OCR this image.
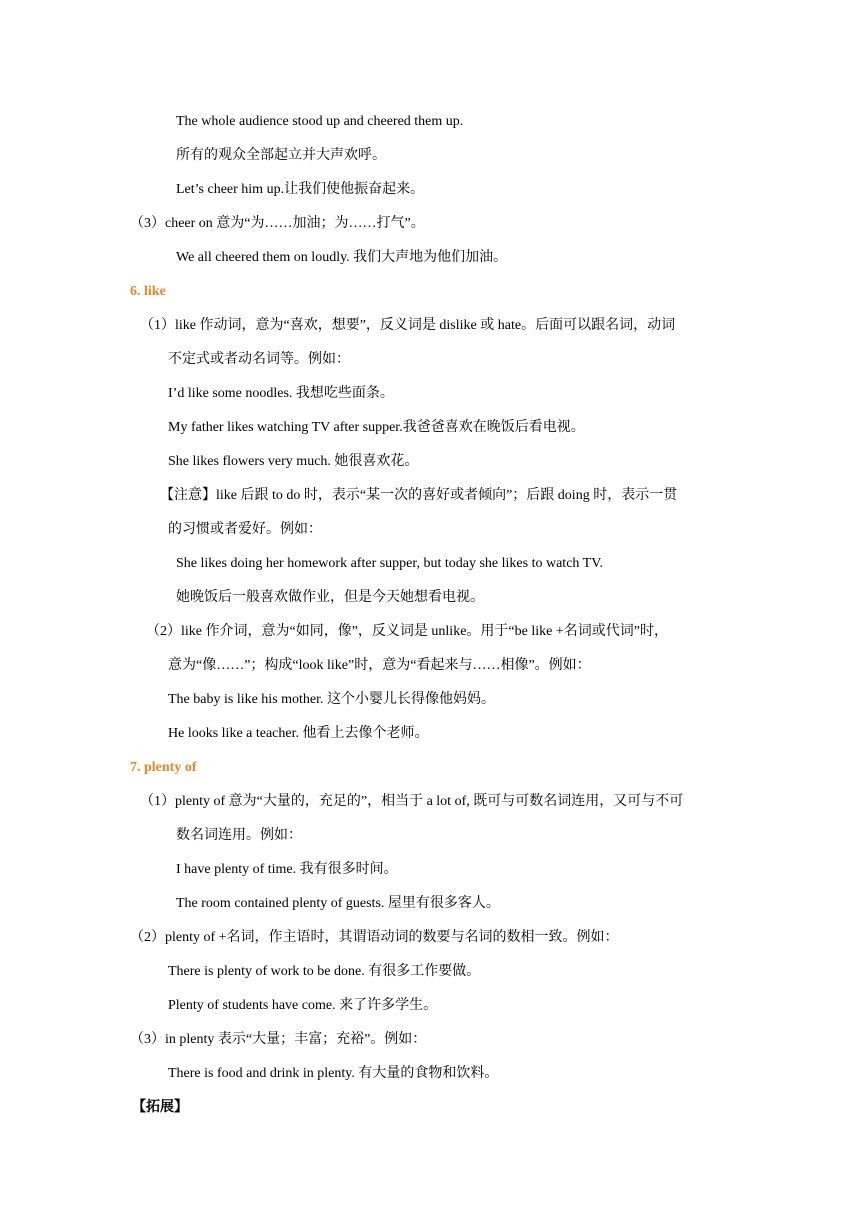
The whole audience stood up and cheered them up.
所有的观众全部起立并大声欢呼。
Let’s cheer him up.让我们使他振奋起来。
（3）cheer on 意为“为……加油；为……打气”。
We all cheered them on loudly. 我们大声地为他们加油。
6. like
（1）like 作动词，意为“喜欢，想要”，反义词是 dislike 或 hate。后面可以跟名词，动词
不定式或者动名词等。例如：
I’d like some noodles. 我想吃些面条。
My father likes watching TV after supper.我爸爸喜欢在晚饭后看电视。
She likes flowers very much. 她很喜欢花。
【注意】like 后跟 to do 时，表示“某一次的喜好或者倾向”；后跟 doing 时，表示一贯
的习惯或者爱好。例如：
She likes doing her homework after supper, but today she likes to watch TV.
她晚饭后一般喜欢做作业，但是今天她想看电视。
（2）like 作介词，意为“如同，像”，反义词是 unlike。用于“be like +名词或代词”时，
意为“像……”；构成“look like”时，意为“看起来与……相像”。例如：
The baby is like his mother. 这个小婴儿长得像他妈妈。
He looks like a teacher. 他看上去像个老师。
7. plenty of
（1）plenty of 意为“大量的，充足的”，相当于 a lot of, 既可与可数名词连用，又可与不可
数名词连用。例如：
I have plenty of time. 我有很多时间。
The room contained plenty of guests. 屋里有很多客人。
（2）plenty of +名词，作主语时，其谓语动词的数要与名词的数相一致。例如：
There is plenty of work to be done. 有很多工作要做。
Plenty of students have come. 来了许多学生。
（3）in plenty 表示“大量；丰富；充裕”。例如：
There is food and drink in plenty. 有大量的食物和饮料。
【拓展】
